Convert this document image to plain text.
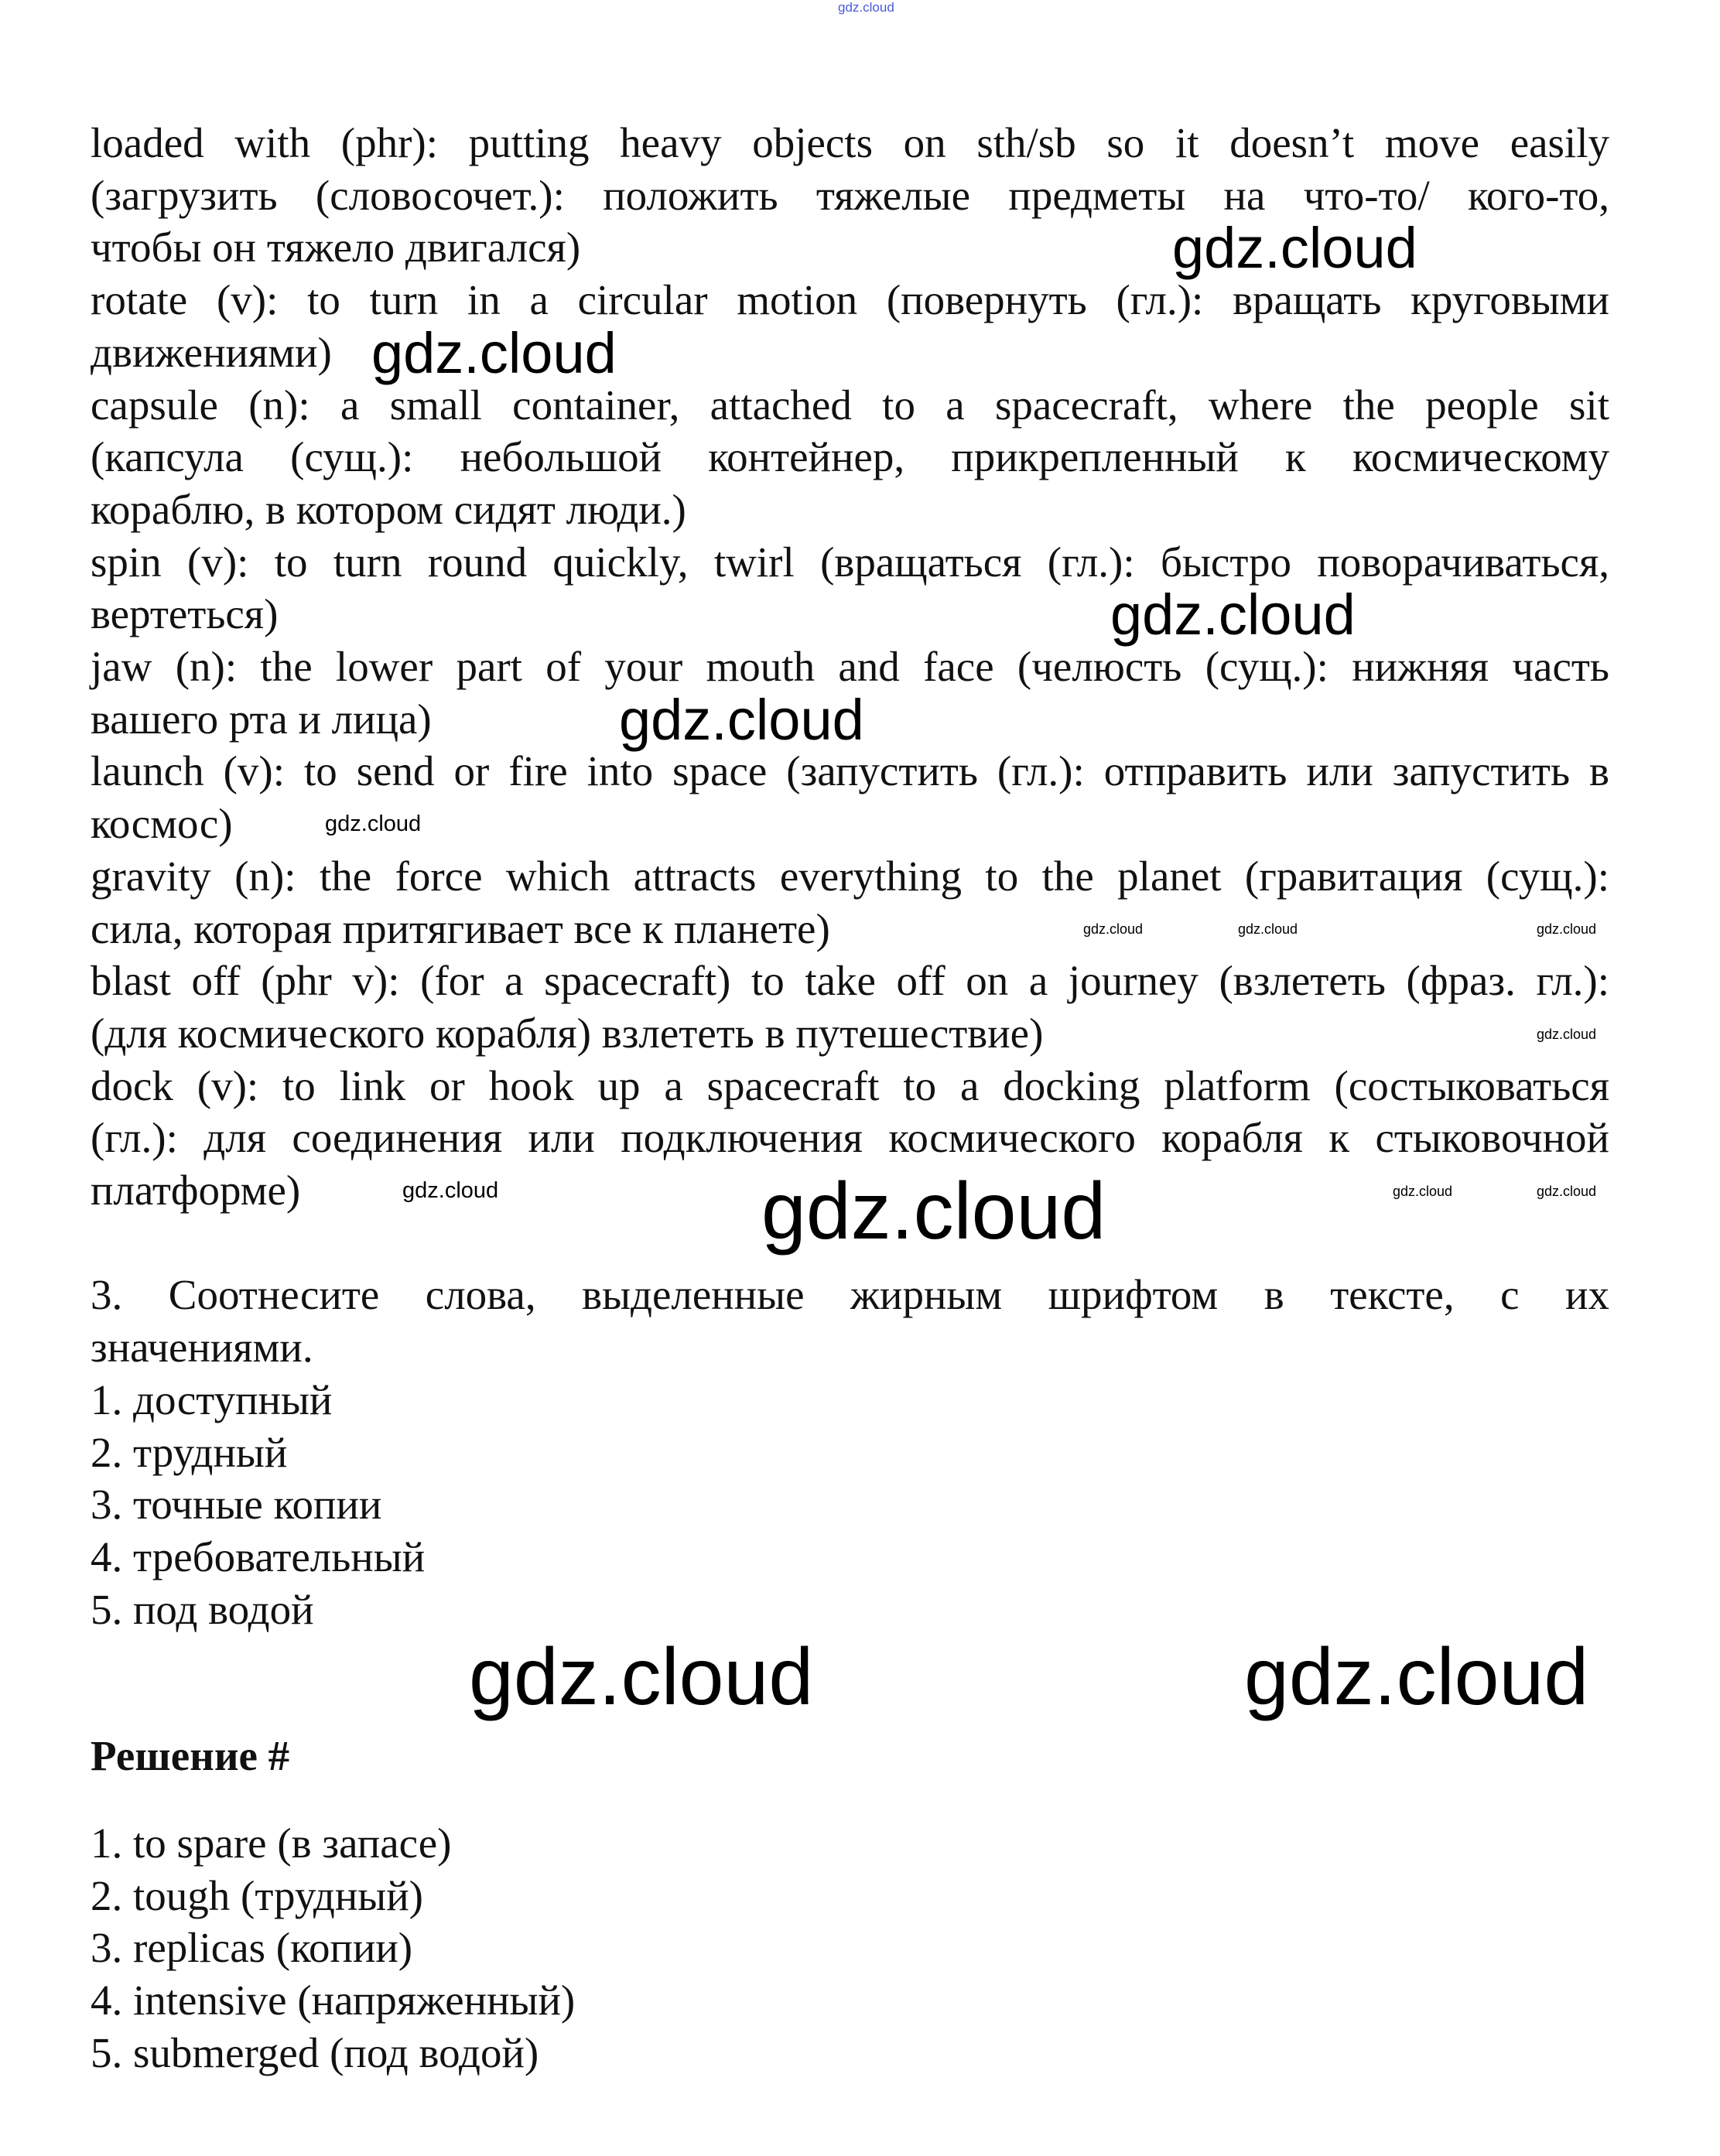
loaded with (phr): putting heavy objects on sth/sb so it doesn’t move easily
(загрузить (словосочет.): положить тяжелые предметы на что-то/ кого-то,
чтобы он тяжело двигался)
rotate (v): to turn in a circular motion (повернуть (гл.): вращать круговыми
движениями)
capsule (n): a small container, attached to a spacecraft, where the people sit
(капсула (сущ.): небольшой контейнер, прикрепленный к космическому
кораблю, в котором сидят люди.)
spin (v): to turn round quickly, twirl (вращаться (гл.): быстро поворачиваться,
вертеться)
jaw (n): the lower part of your mouth and face (челюсть (сущ.): нижняя часть
вашего рта и лица)
launch (v): to send or fire into space (запустить (гл.): отправить или запустить в
космос)
gravity (n): the force which attracts everything to the planet (гравитация (сущ.):
сила, которая притягивает все к планете)
blast off (phr v): (for a spacecraft) to take off on a journey (взлететь (фраз. гл.):
(для космического корабля) взлететь в путешествие)
dock (v): to link or hook up a spacecraft to a docking platform (состыковаться
(гл.): для соединения или подключения космического корабля к стыковочной
платформе)
3. Соотнесите слова, выделенные жирным шрифтом в тексте, с их
значениями.
1. доступный
2. трудный
3. точные копии
4. требовательный
5. под водой
Решение #
1. to spare (в запасе)
2. tough (трудный)
3. replicas (копии)
4. intensive (напряженный)
5. submerged (под водой)
gdz.cloud
gdz.cloud
gdz.cloud
gdz.cloud
gdz.cloud
gdz.cloud
gdz.cloud
gdz.cloud	gdz.cloud
gdz.cloud
gdz.cloud	gdz.cloud	gdz.cloud
gdz.cloud
gdz.cloud	gdz.cloud
